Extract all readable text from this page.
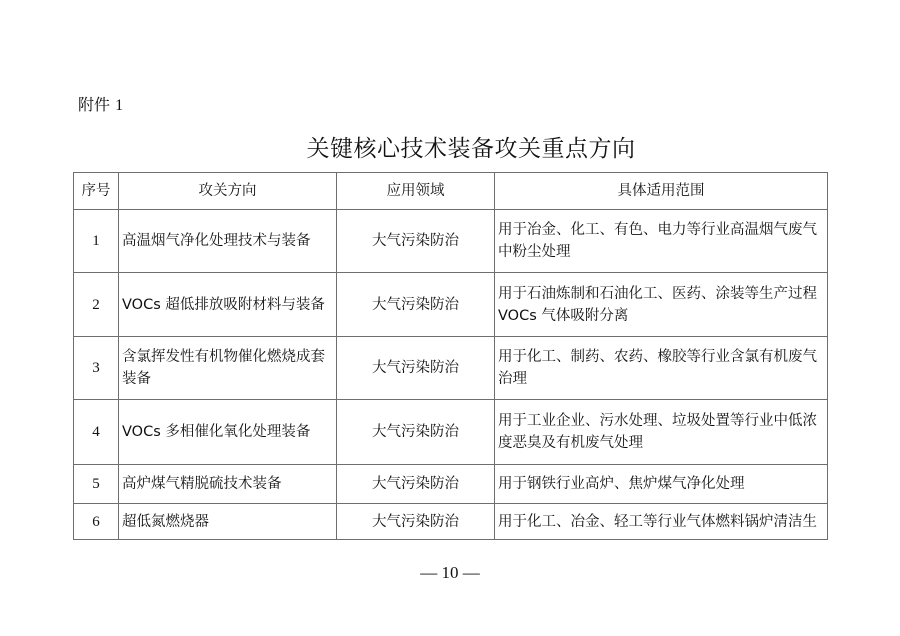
附件 1
关键核心技术装备攻关重点方向
序号	攻关方向	应用领域	具体适用范围
1	高温烟气净化处理技术与装备	大气污染防治	用于冶金、化工、有色、电力等行业高温烟气废气中粉尘处理
2	VOCs 超低排放吸附材料与装备	大气污染防治	用于石油炼制和石油化工、医药、涂装等生产过程VOCs 气体吸附分离
3	含氯挥发性有机物催化燃烧成套装备	大气污染防治	用于化工、制药、农药、橡胶等行业含氯有机废气治理
4	VOCs 多相催化氧化处理装备	大气污染防治	用于工业企业、污水处理、垃圾处置等行业中低浓度恶臭及有机废气处理
5	高炉煤气精脱硫技术装备	大气污染防治	用于钢铁行业高炉、焦炉煤气净化处理
6	超低氮燃烧器	大气污染防治	用于化工、冶金、轻工等行业气体燃料锅炉清洁生
— 10 —
